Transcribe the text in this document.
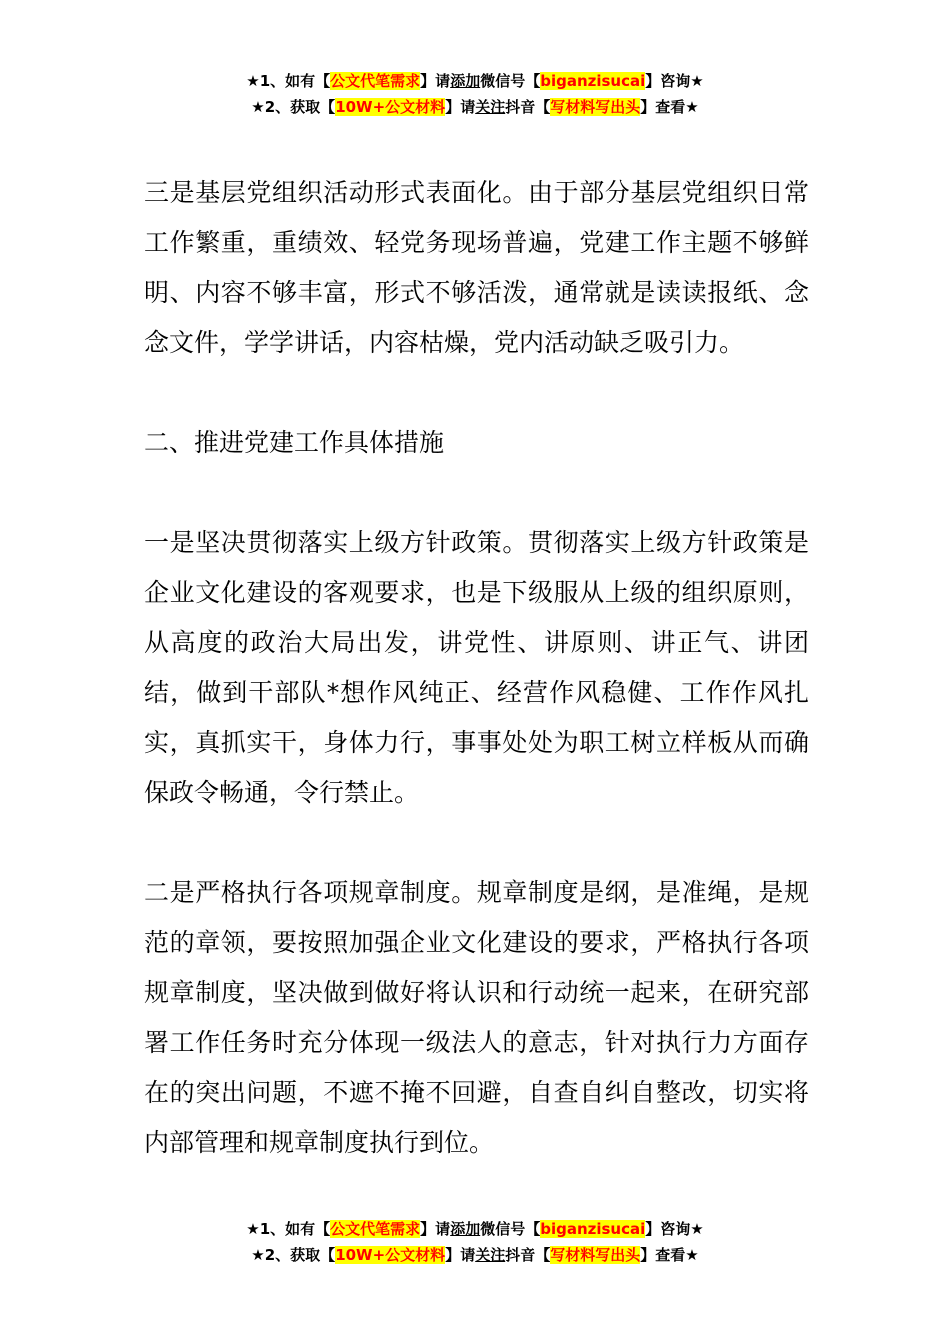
★1、如有【公文代笔需求】请添加微信号【biganzisucai】咨询★
★2、获取【10W+公文材料】请关注抖音【写材料写出头】查看★

三是基层党组织活动形式表面化。由于部分基层党组织日常工作繁重，重绩效、轻党务现场普遍，党建工作主题不够鲜明、内容不够丰富，形式不够活泼，通常就是读读报纸、念念文件，学学讲话，内容枯燥，党内活动缺乏吸引力。

二、推进党建工作具体措施

一是坚决贯彻落实上级方针政策。贯彻落实上级方针政策是企业文化建设的客观要求，也是下级服从上级的组织原则，从高度的政治大局出发，讲党性、讲原则、讲正气、讲团结，做到干部队*想作风纯正、经营作风稳健、工作作风扎实，真抓实干，身体力行，事事处处为职工树立样板从而确保政令畅通，令行禁止。

二是严格执行各项规章制度。规章制度是纲，是准绳，是规范的章领，要按照加强企业文化建设的要求，严格执行各项规章制度，坚决做到做好将认识和行动统一起来，在研究部署工作任务时充分体现一级法人的意志，针对执行力方面存在的突出问题，不遮不掩不回避，自查自纠自整改，切实将内部管理和规章制度执行到位。

★1、如有【公文代笔需求】请添加微信号【biganzisucai】咨询★
★2、获取【10W+公文材料】请关注抖音【写材料写出头】查看★
